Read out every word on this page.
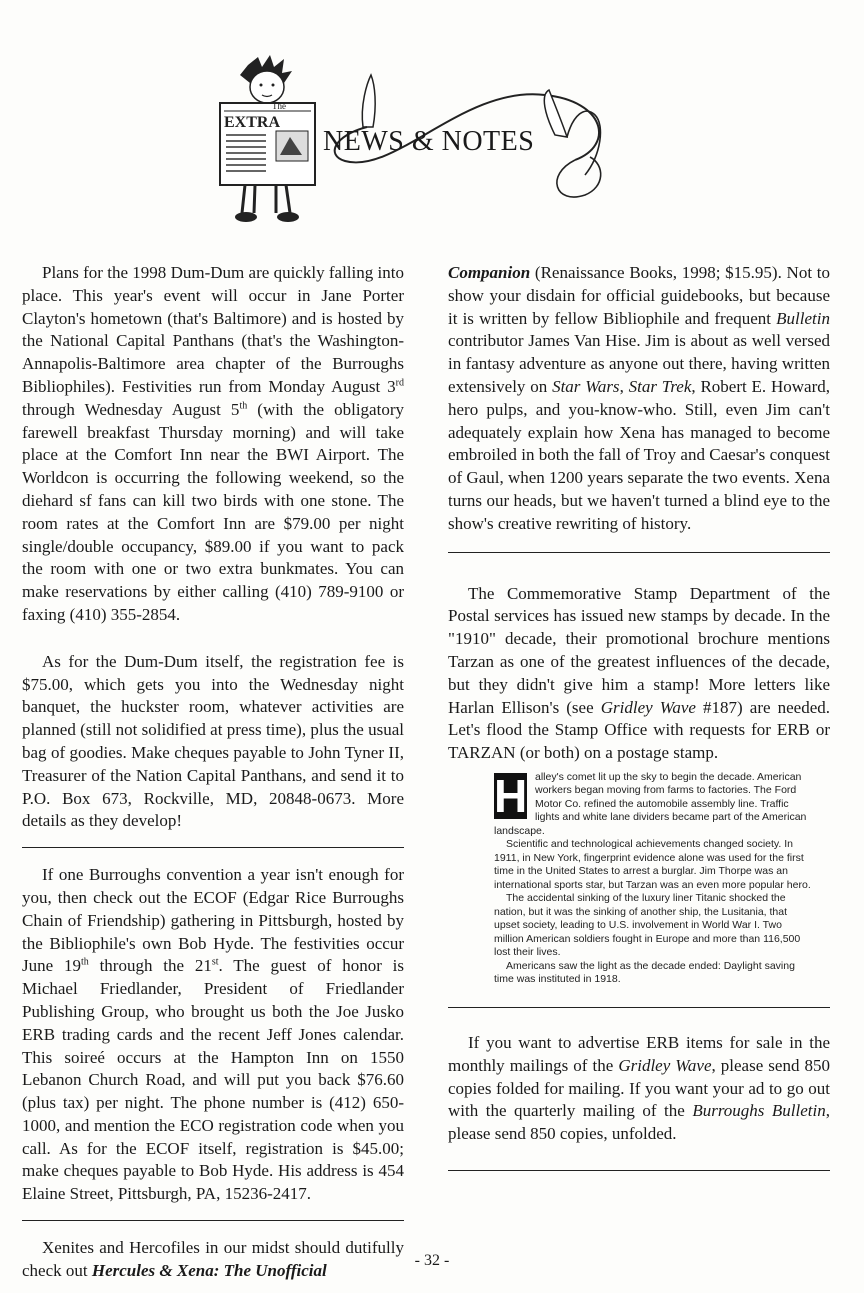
The
EXTRA
NEWS & NOTES

Plans for the 1998 Dum-Dum are quickly falling into place. This year's event will occur in Jane Porter Clayton's hometown (that's Baltimore) and is hosted by the National Capital Panthans (that's the Washington-Annapolis-Baltimore area chapter of the Burroughs Bibliophiles). Festivities run from Monday August 3rd through Wednesday August 5th (with the obligatory farewell breakfast Thursday morning) and will take place at the Comfort Inn near the BWI Airport. The Worldcon is occurring the following weekend, so the diehard sf fans can kill two birds with one stone. The room rates at the Comfort Inn are $79.00 per night single/double occupancy, $89.00 if you want to pack the room with one or two extra bunkmates. You can make reservations by either calling (410) 789-9100 or faxing (410) 355-2854.

As for the Dum-Dum itself, the registration fee is $75.00, which gets you into the Wednesday night banquet, the huckster room, whatever activities are planned (still not solidified at press time), plus the usual bag of goodies. Make cheques payable to John Tyner II, Treasurer of the Nation Capital Panthans, and send it to P.O. Box 673, Rockville, MD, 20848-0673. More details as they develop!

If one Burroughs convention a year isn't enough for you, then check out the ECOF (Edgar Rice Burroughs Chain of Friendship) gathering in Pittsburgh, hosted by the Bibliophile's own Bob Hyde. The festivities occur June 19th through the 21st. The guest of honor is Michael Friedlander, President of Friedlander Publishing Group, who brought us both the Joe Jusko ERB trading cards and the recent Jeff Jones calendar. This soireé occurs at the Hampton Inn on 1550 Lebanon Church Road, and will put you back $76.60 (plus tax) per night. The phone number is (412) 650-1000, and mention the ECO registration code when you call. As for the ECOF itself, registration is $45.00; make cheques payable to Bob Hyde. His address is 454 Elaine Street, Pittsburgh, PA, 15236-2417.

Xenites and Hercofiles in our midst should dutifully check out Hercules & Xena: The Unofficial

Companion (Renaissance Books, 1998; $15.95). Not to show your disdain for official guidebooks, but because it is written by fellow Bibliophile and frequent Bulletin contributor James Van Hise. Jim is about as well versed in fantasy adventure as anyone out there, having written extensively on Star Wars, Star Trek, Robert E. Howard, hero pulps, and you-know-who. Still, even Jim can't adequately explain how Xena has managed to become embroiled in both the fall of Troy and Caesar's conquest of Gaul, when 1200 years separate the two events. Xena turns our heads, but we haven't turned a blind eye to the show's creative rewriting of history.

The Commemorative Stamp Department of the Postal services has issued new stamps by decade. In the "1910" decade, their promotional brochure mentions Tarzan as one of the greatest influences of the decade, but they didn't give him a stamp! More letters like Harlan Ellison's (see Gridley Wave #187) are needed. Let's flood the Stamp Office with requests for ERB or TARZAN (or both) on a postage stamp.

H alley's comet lit up the sky to begin the decade. American workers began moving from farms to factories. The Ford Motor Co. refined the automobile assembly line. Traffic lights and white lane dividers became part of the American landscape.

Scientific and technological achievements changed society. In 1911, in New York, fingerprint evidence alone was used for the first time in the United States to arrest a burglar. Jim Thorpe was an international sports star, but Tarzan was an even more popular hero.

The accidental sinking of the luxury liner Titanic shocked the nation, but it was the sinking of another ship, the Lusitania, that upset society, leading to U.S. involvement in World War I. Two million American soldiers fought in Europe and more than 116,500 lost their lives.

Americans saw the light as the decade ended: Daylight saving time was instituted in 1918.

If you want to advertise ERB items for sale in the monthly mailings of the Gridley Wave, please send 850 copies folded for mailing. If you want your ad to go out with the quarterly mailing of the Burroughs Bulletin, please send 850 copies, unfolded.

- 32 -
